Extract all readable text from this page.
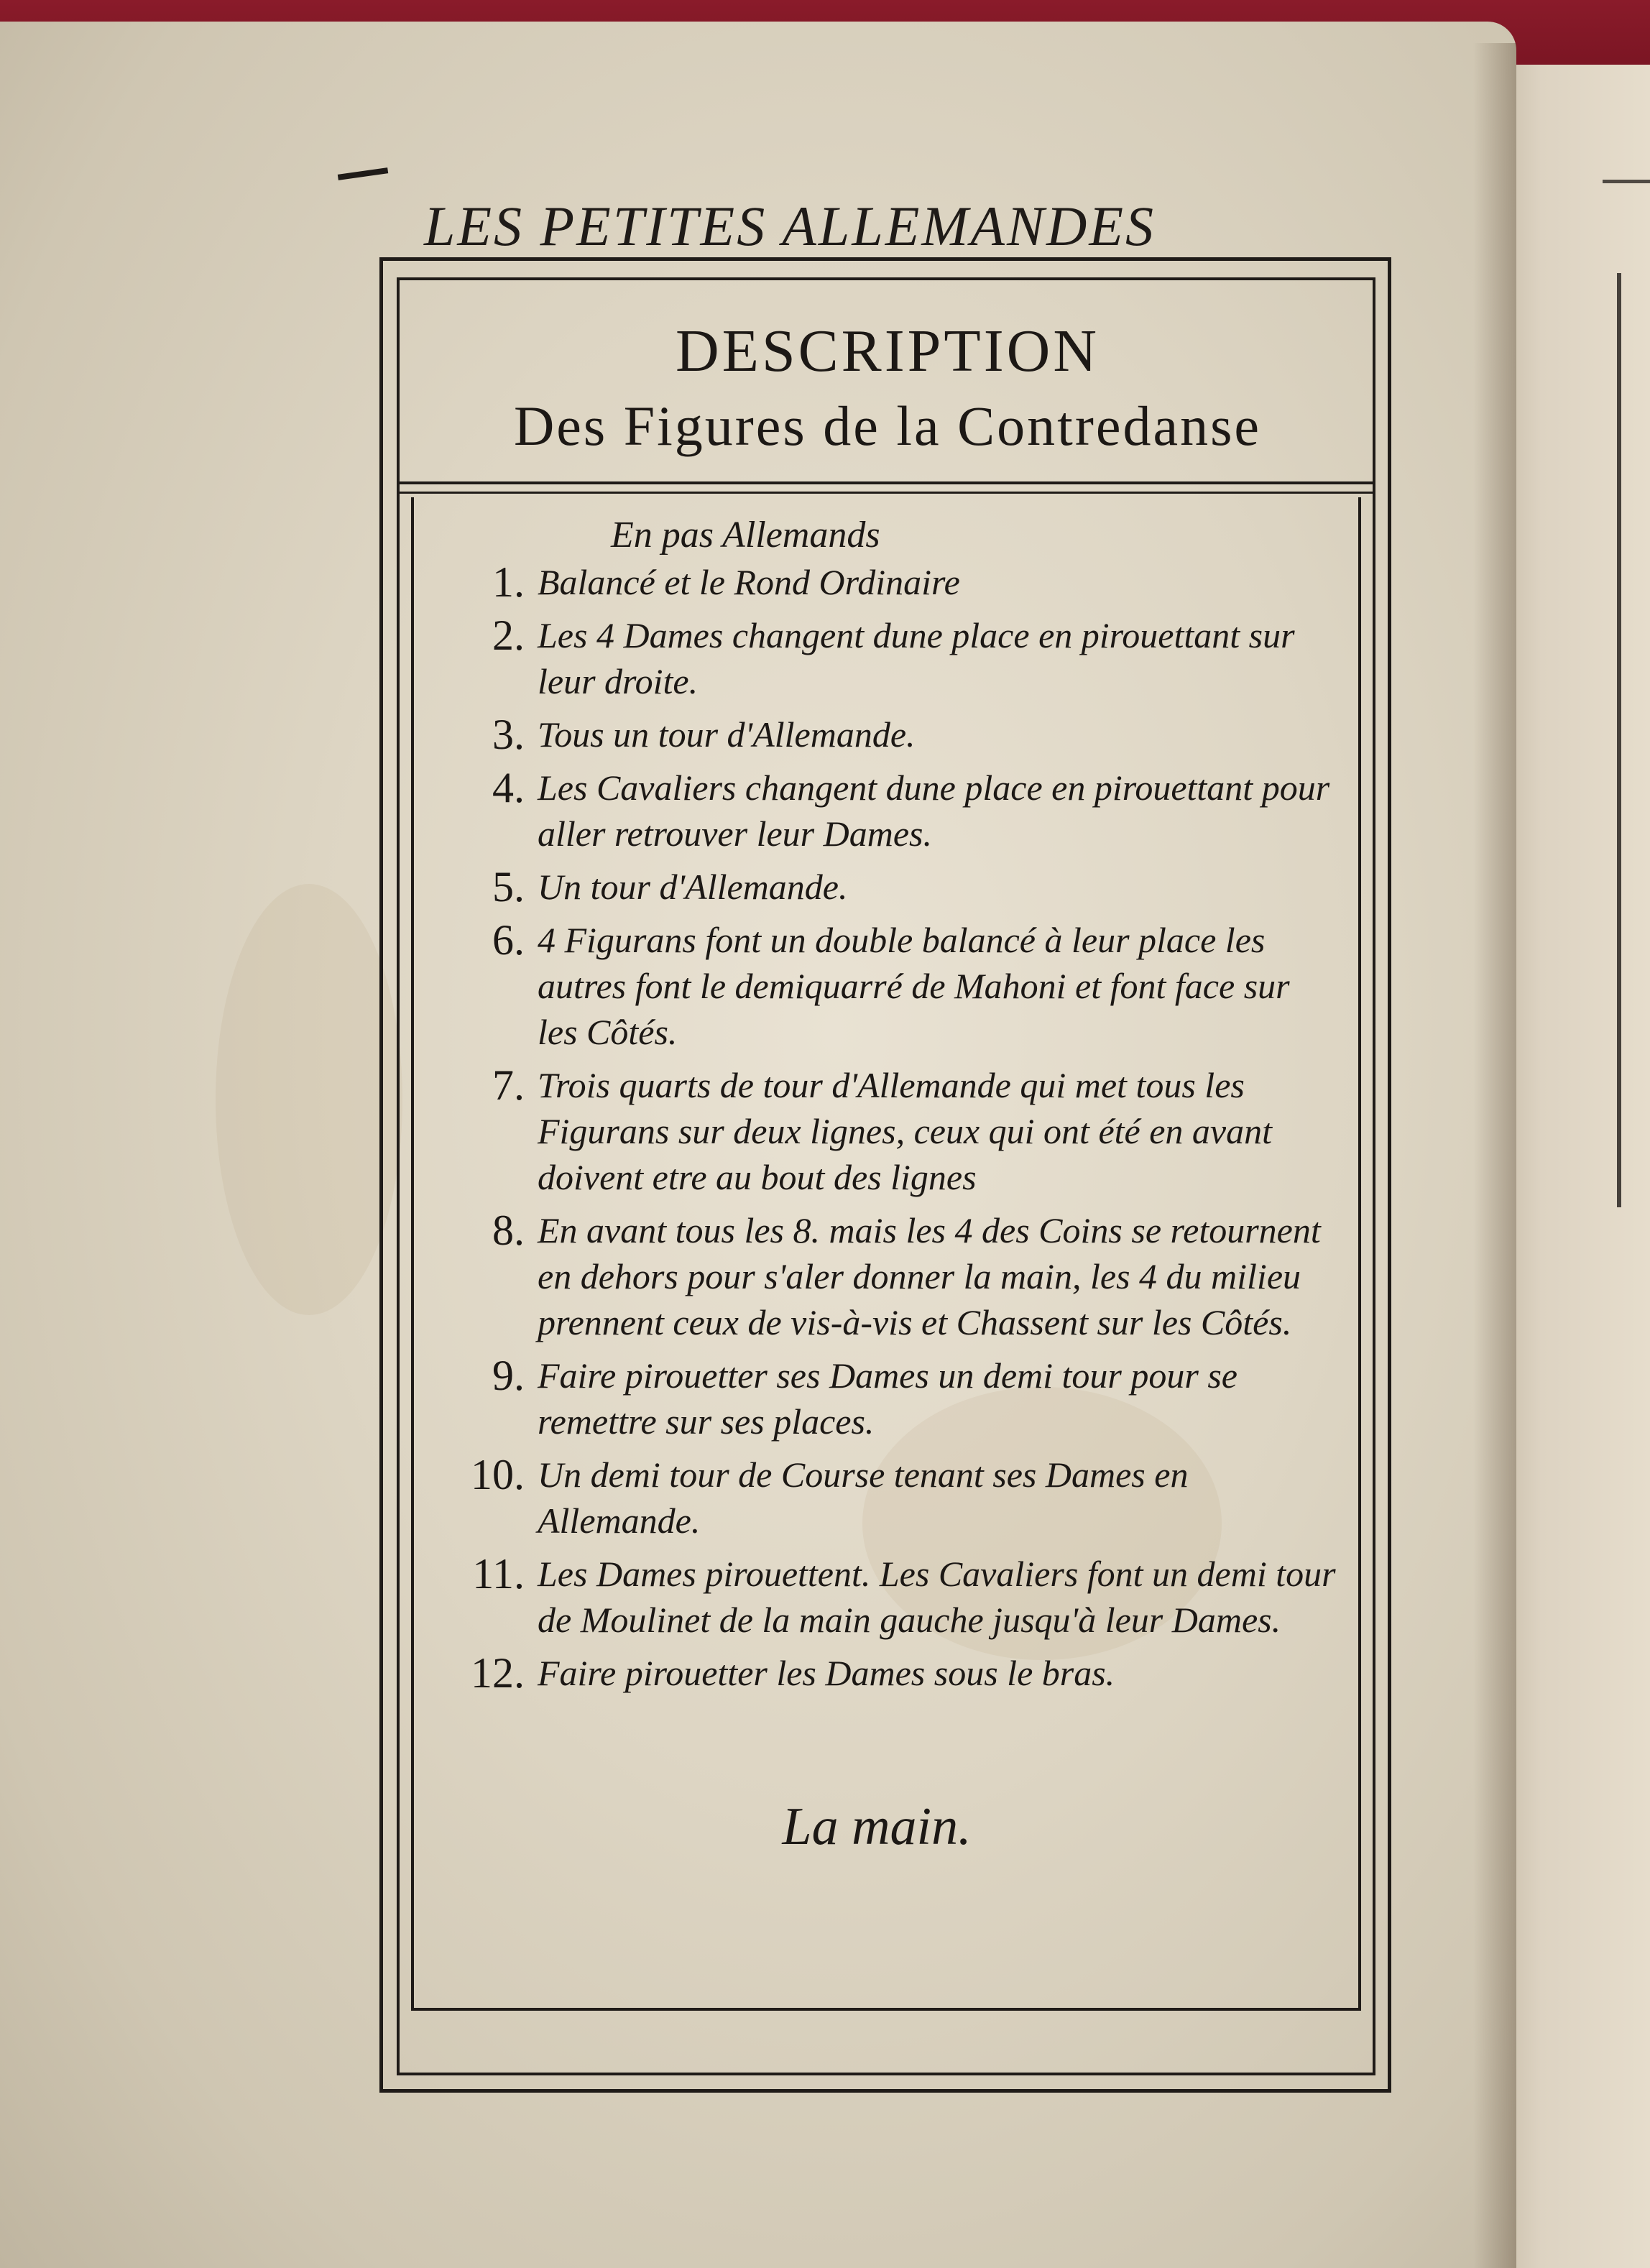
LES PETITES ALLEMANDES
DESCRIPTION
Des Figures de la Contredanse
En pas Allemands
1. Balancé et le Rond Ordinaire
2. Les 4 Dames changent dune place en pirouettant sur leur droite.
3. Tous un tour d'Allemande.
4. Les Cavaliers changent dune place en pirouettant pour aller retrouver leur Dames.
5. Un tour d'Allemande.
6. 4 Figurans font un double balancé à leur place les autres font le demiquarré de Mahoni et font face sur les Côtés.
7. Trois quarts de tour d'Allemande qui met tous les Figurans sur deux lignes, ceux qui ont été en avant doivent etre au bout des lignes
8. En avant tous les 8. mais les 4 des Coins se retournent en dehors pour s'aler donner la main, les 4 du milieu prennent ceux de vis-à-vis et Chassent sur les Côtés.
9. Faire pirouetter ses Dames un demi tour pour se remettre sur ses places.
10. Un demi tour de Course tenant ses Dames en Allemande.
11. Les Dames pirouettent. Les Cavaliers font un demi tour de Moulinet de la main gauche jusqu'à leur Dames.
12. Faire pirouetter les Dames sous le bras.
La main.
